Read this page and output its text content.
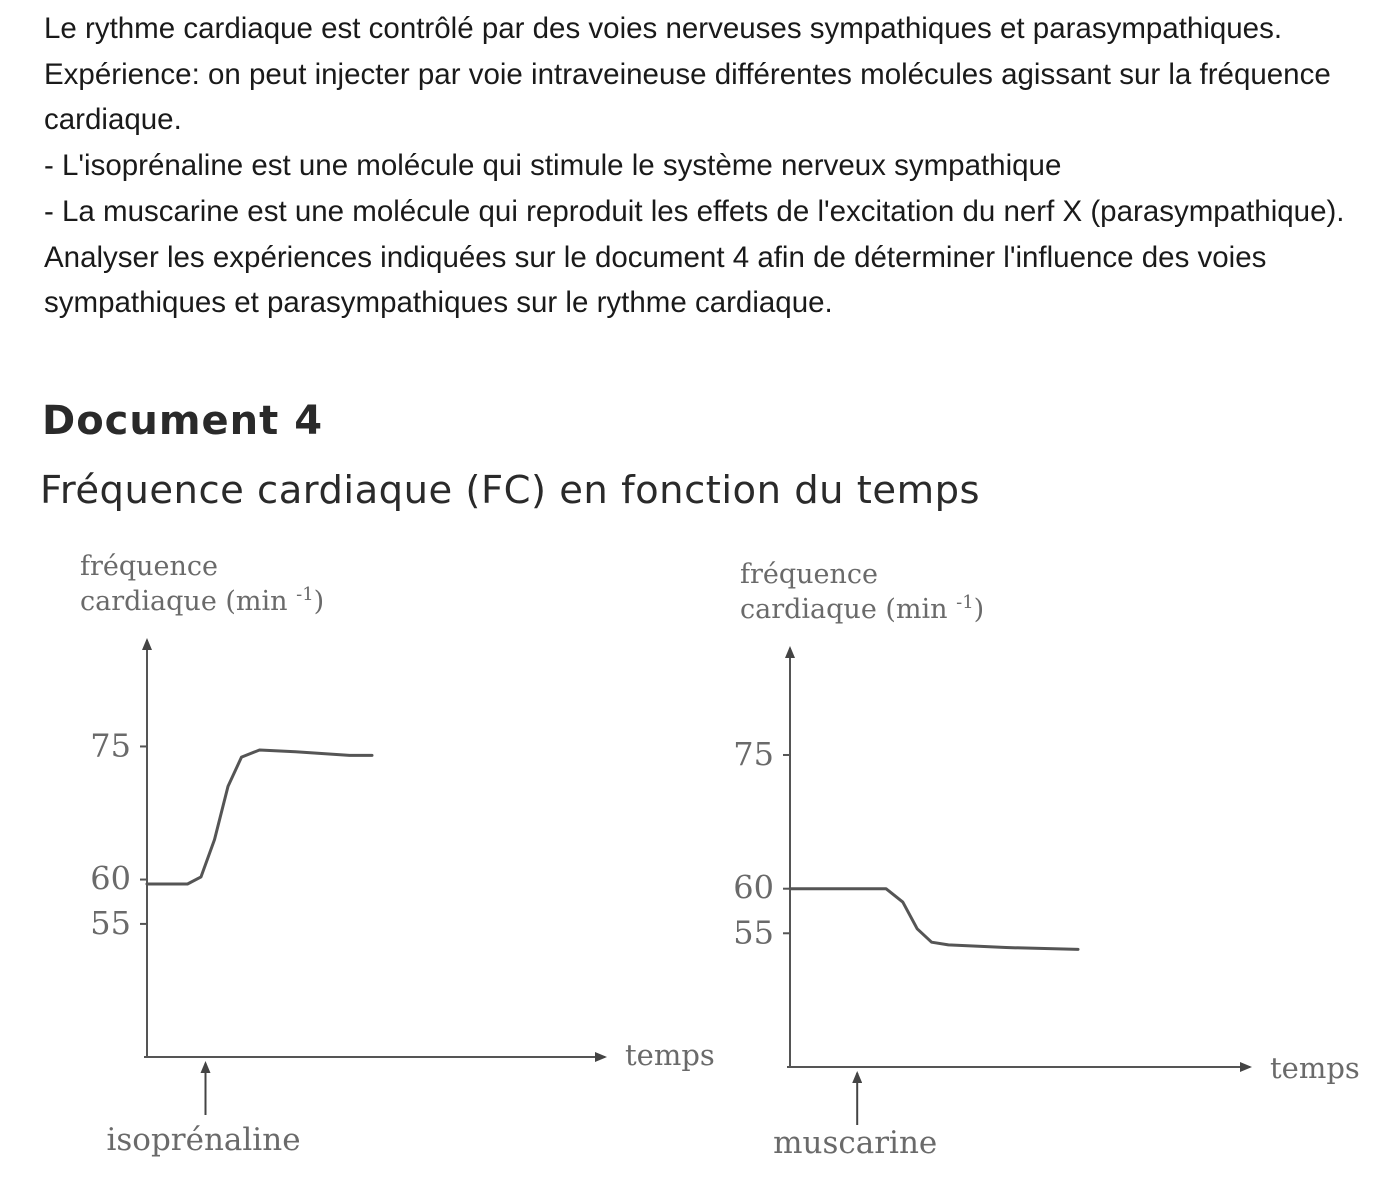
Le rythme cardiaque est contrôlé par des voies nerveuses sympathiques et parasympathiques. Expérience: on peut injecter par voie intraveineuse différentes molécules agissant sur la fréquence cardiaque.

- L'isoprénaline est une molécule qui stimule le système nerveux sympathique

- La muscarine est une molécule qui reproduit les effets de l'excitation du nerf X (parasympathique).

Analyser les expériences indiquées sur le document 4 afin de déterminer l'influence des voies sympathiques et parasympathiques sur le rythme cardiaque.

Document 4
Fréquence cardiaque (FC) en fonction du temps
fréquence
cardiaque (min $^{-1}$)
75
60
55
temps
isoprénaline
fréquence
cardiaque (min $^{-1}$)
75
60
55
temps
muscarine
